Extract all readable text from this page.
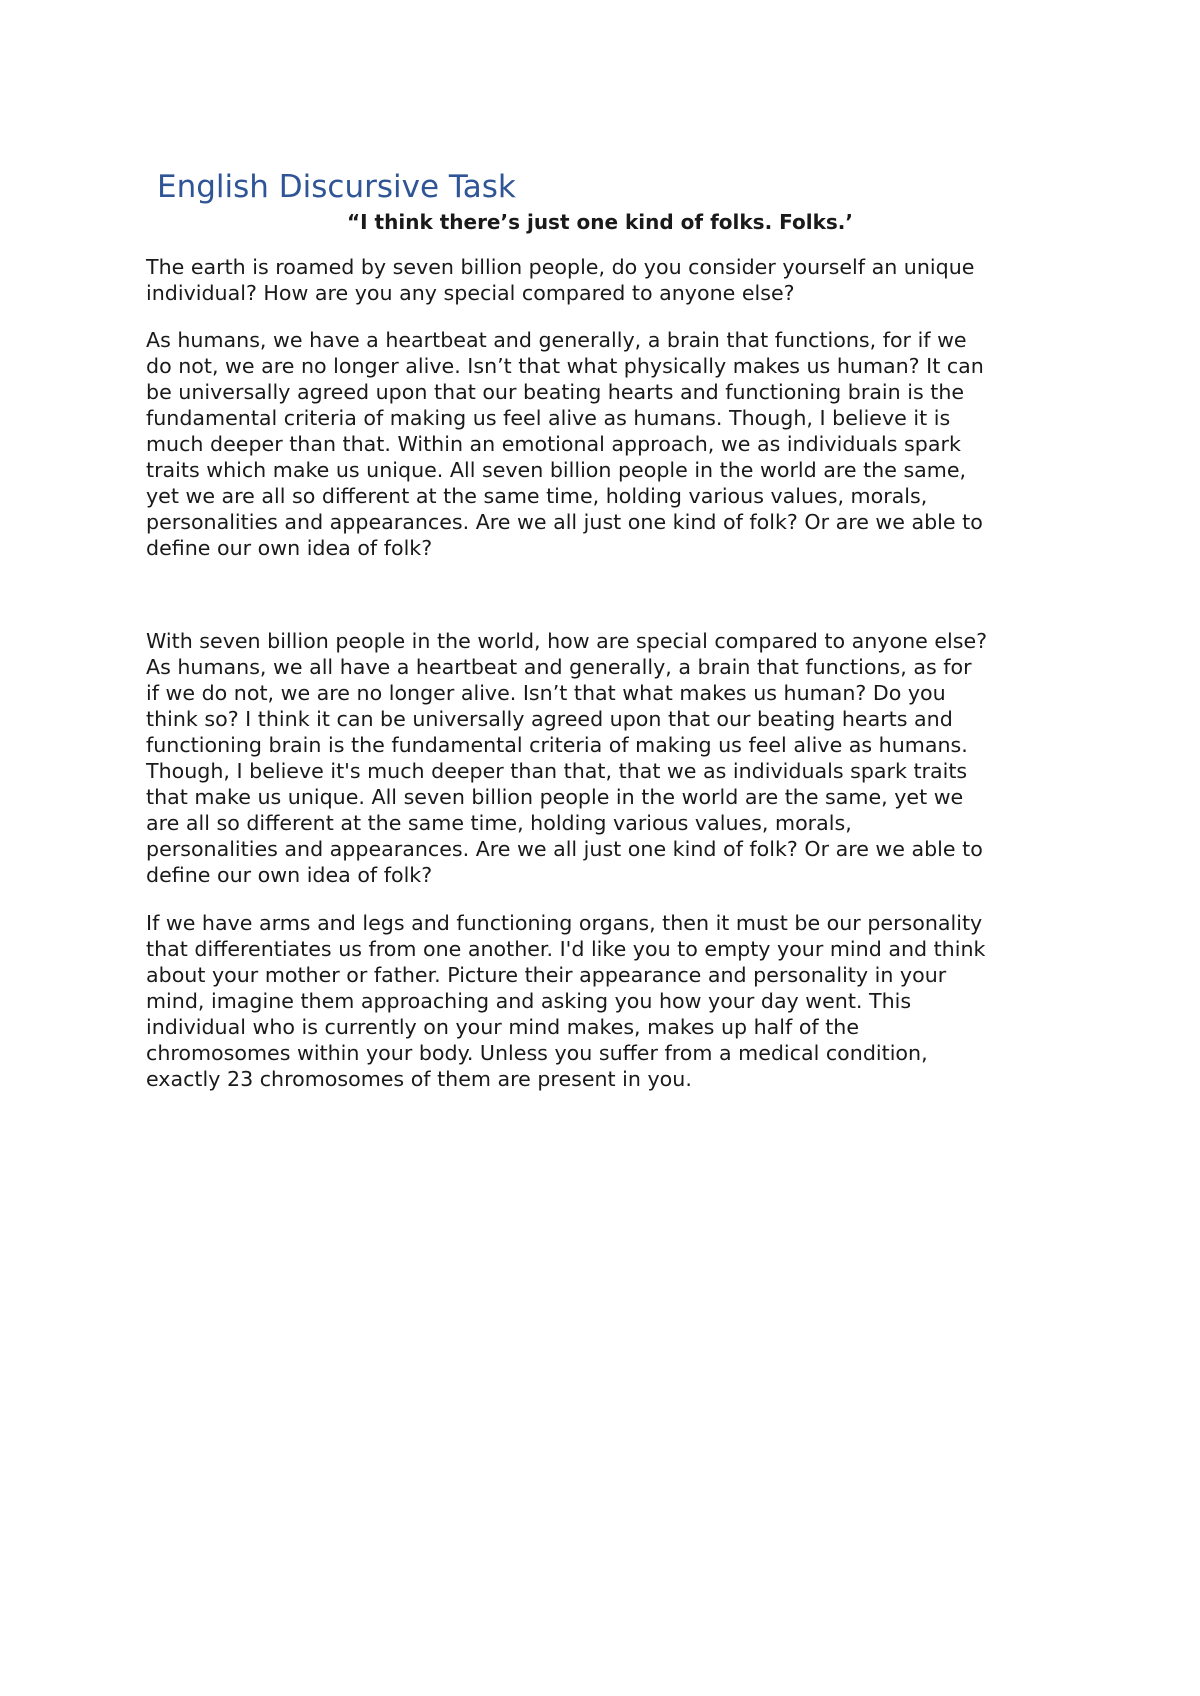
English Discursive Task

“I think there’s just one kind of folks. Folks.’

The earth is roamed by seven billion people, do you consider yourself an unique
individual? How are you any special compared to anyone else?

As humans, we have a heartbeat and generally, a brain that functions, for if we
do not, we are no longer alive. Isn’t that what physically makes us human? It can
be universally agreed upon that our beating hearts and functioning brain is the
fundamental criteria of making us feel alive as humans. Though, I believe it is
much deeper than that. Within an emotional approach, we as individuals spark
traits which make us unique. All seven billion people in the world are the same,
yet we are all so different at the same time, holding various values, morals,
personalities and appearances. Are we all just one kind of folk? Or are we able to
define our own idea of folk?

With seven billion people in the world, how are special compared to anyone else?
As humans, we all have a heartbeat and generally, a brain that functions, as for
if we do not, we are no longer alive. Isn’t that what makes us human? Do you
think so? I think it can be universally agreed upon that our beating hearts and
functioning brain is the fundamental criteria of making us feel alive as humans.
Though, I believe it's much deeper than that, that we as individuals spark traits
that make us unique. All seven billion people in the world are the same, yet we
are all so different at the same time, holding various values, morals,
personalities and appearances. Are we all just one kind of folk? Or are we able to
define our own idea of folk?

If we have arms and legs and functioning organs, then it must be our personality
that differentiates us from one another. I'd like you to empty your mind and think
about your mother or father. Picture their appearance and personality in your
mind, imagine them approaching and asking you how your day went. This
individual who is currently on your mind makes, makes up half of the
chromosomes within your body. Unless you suffer from a medical condition,
exactly 23 chromosomes of them are present in you.
